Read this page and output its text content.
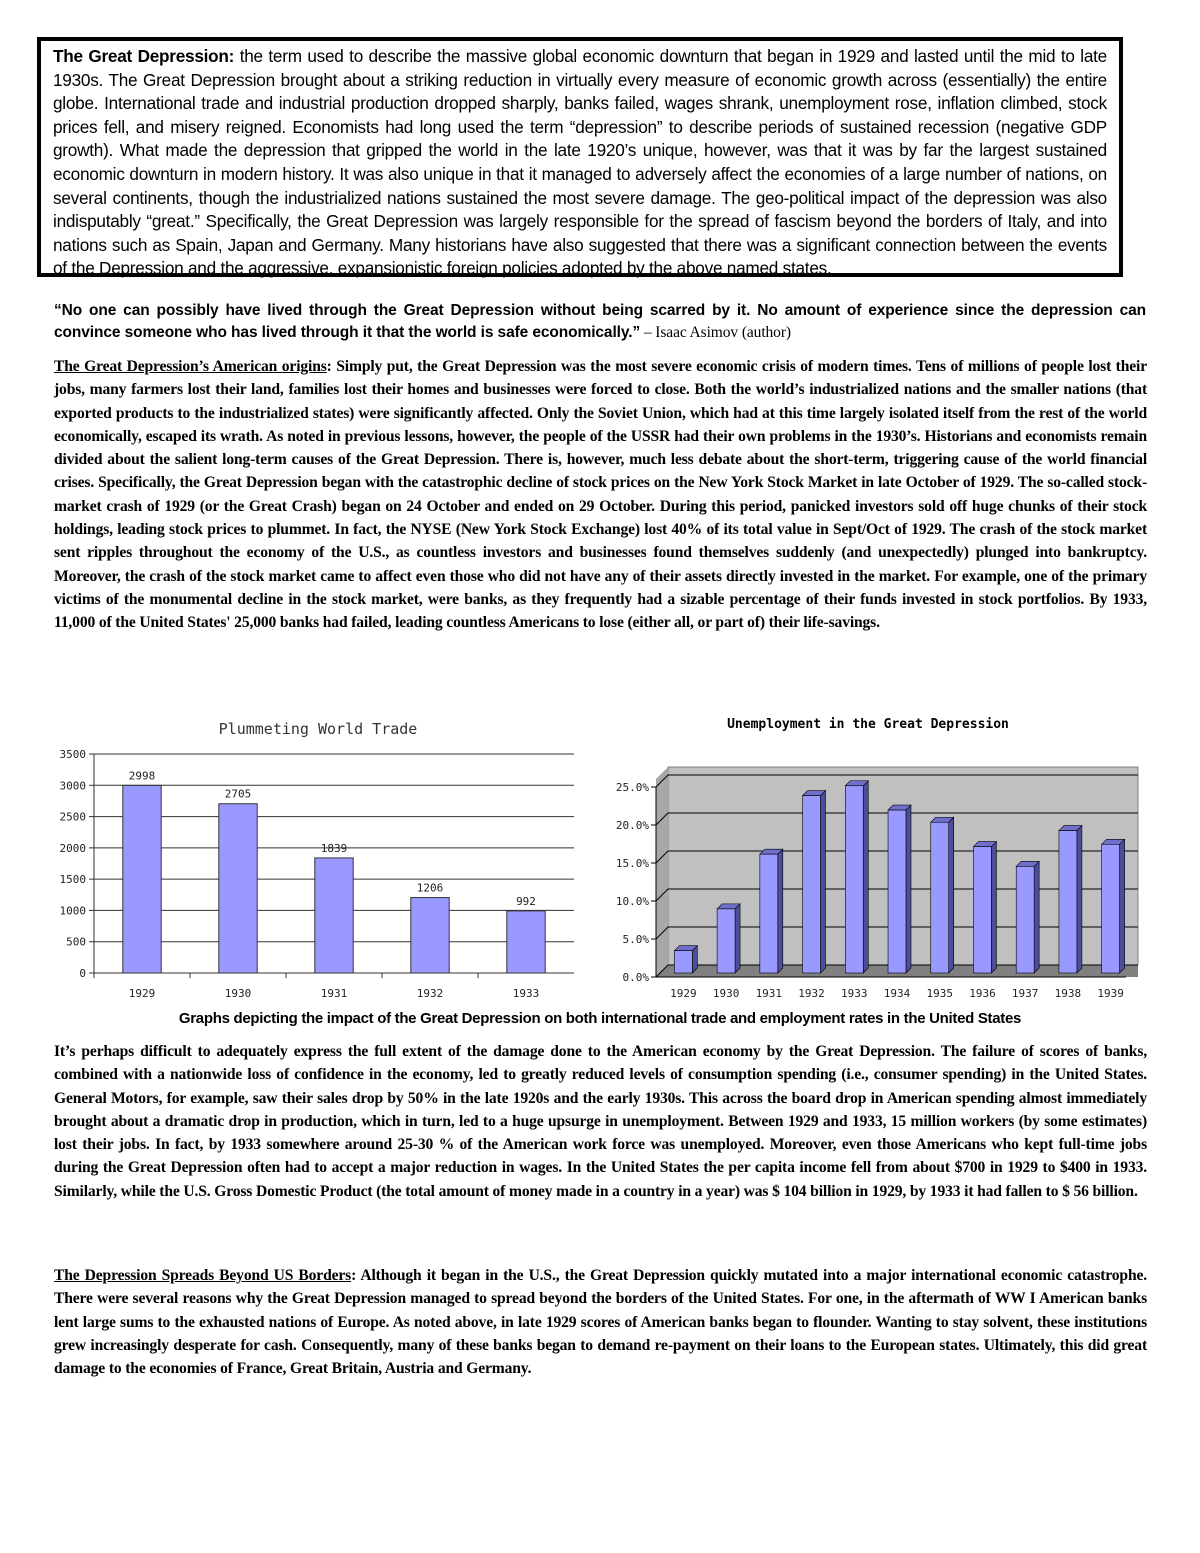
The Great Depression: the term used to describe the massive global economic downturn that began in 1929 and lasted until the mid to late 1930s. The Great Depression brought about a striking reduction in virtually every measure of economic growth across (essentially) the entire globe. International trade and industrial production dropped sharply, banks failed, wages shrank, unemployment rose, inflation climbed, stock prices fell, and misery reigned. Economists had long used the term “depression” to describe periods of sustained recession (negative GDP growth). What made the depression that gripped the world in the late 1920’s unique, however, was that it was by far the largest sustained economic downturn in modern history. It was also unique in that it managed to adversely affect the economies of a large number of nations, on several continents, though the industrialized nations sustained the most severe damage. The geo-political impact of the depression was also indisputably “great.” Specifically, the Great Depression was largely responsible for the spread of fascism beyond the borders of Italy, and into nations such as Spain, Japan and Germany. Many historians have also suggested that there was a significant connection between the events of the Depression and the aggressive, expansionistic foreign policies adopted by the above named states.
“No one can possibly have lived through the Great Depression without being scarred by it. No amount of experience since the depression can convince someone who has lived through it that the world is safe economically.” – Isaac Asimov (author)
The Great Depression’s American origins: Simply put, the Great Depression was the most severe economic crisis of modern times. Tens of millions of people lost their jobs, many farmers lost their land, families lost their homes and businesses were forced to close. Both the world’s industrialized nations and the smaller nations (that exported products to the industrialized states) were significantly affected. Only the Soviet Union, which had at this time largely isolated itself from the rest of the world economically, escaped its wrath. As noted in previous lessons, however, the people of the USSR had their own problems in the 1930’s. Historians and economists remain divided about the salient long-term causes of the Great Depression. There is, however, much less debate about the short-term, triggering cause of the world financial crises. Specifically, the Great Depression began with the catastrophic decline of stock prices on the New York Stock Market in late October of 1929. The so-called stock-market crash of 1929 (or the Great Crash) began on 24 October and ended on 29 October. During this period, panicked investors sold off huge chunks of their stock holdings, leading stock prices to plummet. In fact, the NYSE (New York Stock Exchange) lost 40% of its total value in Sept/Oct of 1929. The crash of the stock market sent ripples throughout the economy of the U.S., as countless investors and businesses found themselves suddenly (and unexpectedly) plunged into bankruptcy. Moreover, the crash of the stock market came to affect even those who did not have any of their assets directly invested in the market. For example, one of the primary victims of the monumental decline in the stock market, were banks, as they frequently had a sizable percentage of their funds invested in stock portfolios. By 1933, 11,000 of the United States' 25,000 banks had failed, leading countless Americans to lose (either all, or part of) their life-savings.
Plummeting World Trade
2998
2705
1839
1206
992
0
500
1000
1500
2000
2500
3000
3500
1929	1930	1931	1932	1933
Unemployment in the Great Depression
0.0%
5.0%
10.0%
15.0%
20.0%
25.0%
1929 1930 1931 1932 1933 1934 1935 1936 1937 1938 1939
Graphs depicting the impact of the Great Depression on both international trade and employment rates in the United States
It’s perhaps difficult to adequately express the full extent of the damage done to the American economy by the Great Depression. The failure of scores of banks, combined with a nationwide loss of confidence in the economy, led to greatly reduced levels of consumption spending (i.e., consumer spending) in the United States. General Motors, for example, saw their sales drop by 50% in the late 1920s and the early 1930s. This across the board drop in American spending almost immediately brought about a dramatic drop in production, which in turn, led to a huge upsurge in unemployment. Between 1929 and 1933, 15 million workers (by some estimates) lost their jobs. In fact, by 1933 somewhere around 25-30 % of the American work force was unemployed. Moreover, even those Americans who kept full-time jobs during the Great Depression often had to accept a major reduction in wages. In the United States the per capita income fell from about $700 in 1929 to $400 in 1933. Similarly, while the U.S. Gross Domestic Product (the total amount of money made in a country in a year) was $ 104 billion in 1929, by 1933 it had fallen to $ 56 billion.
The Depression Spreads Beyond US Borders: Although it began in the U.S., the Great Depression quickly mutated into a major international economic catastrophe. There were several reasons why the Great Depression managed to spread beyond the borders of the United States. For one, in the aftermath of WW I American banks lent large sums to the exhausted nations of Europe. As noted above, in late 1929 scores of American banks began to flounder. Wanting to stay solvent, these institutions grew increasingly desperate for cash. Consequently, many of these banks began to demand re-payment on their loans to the European states. Ultimately, this did great damage to the economies of France, Great Britain, Austria and Germany.
